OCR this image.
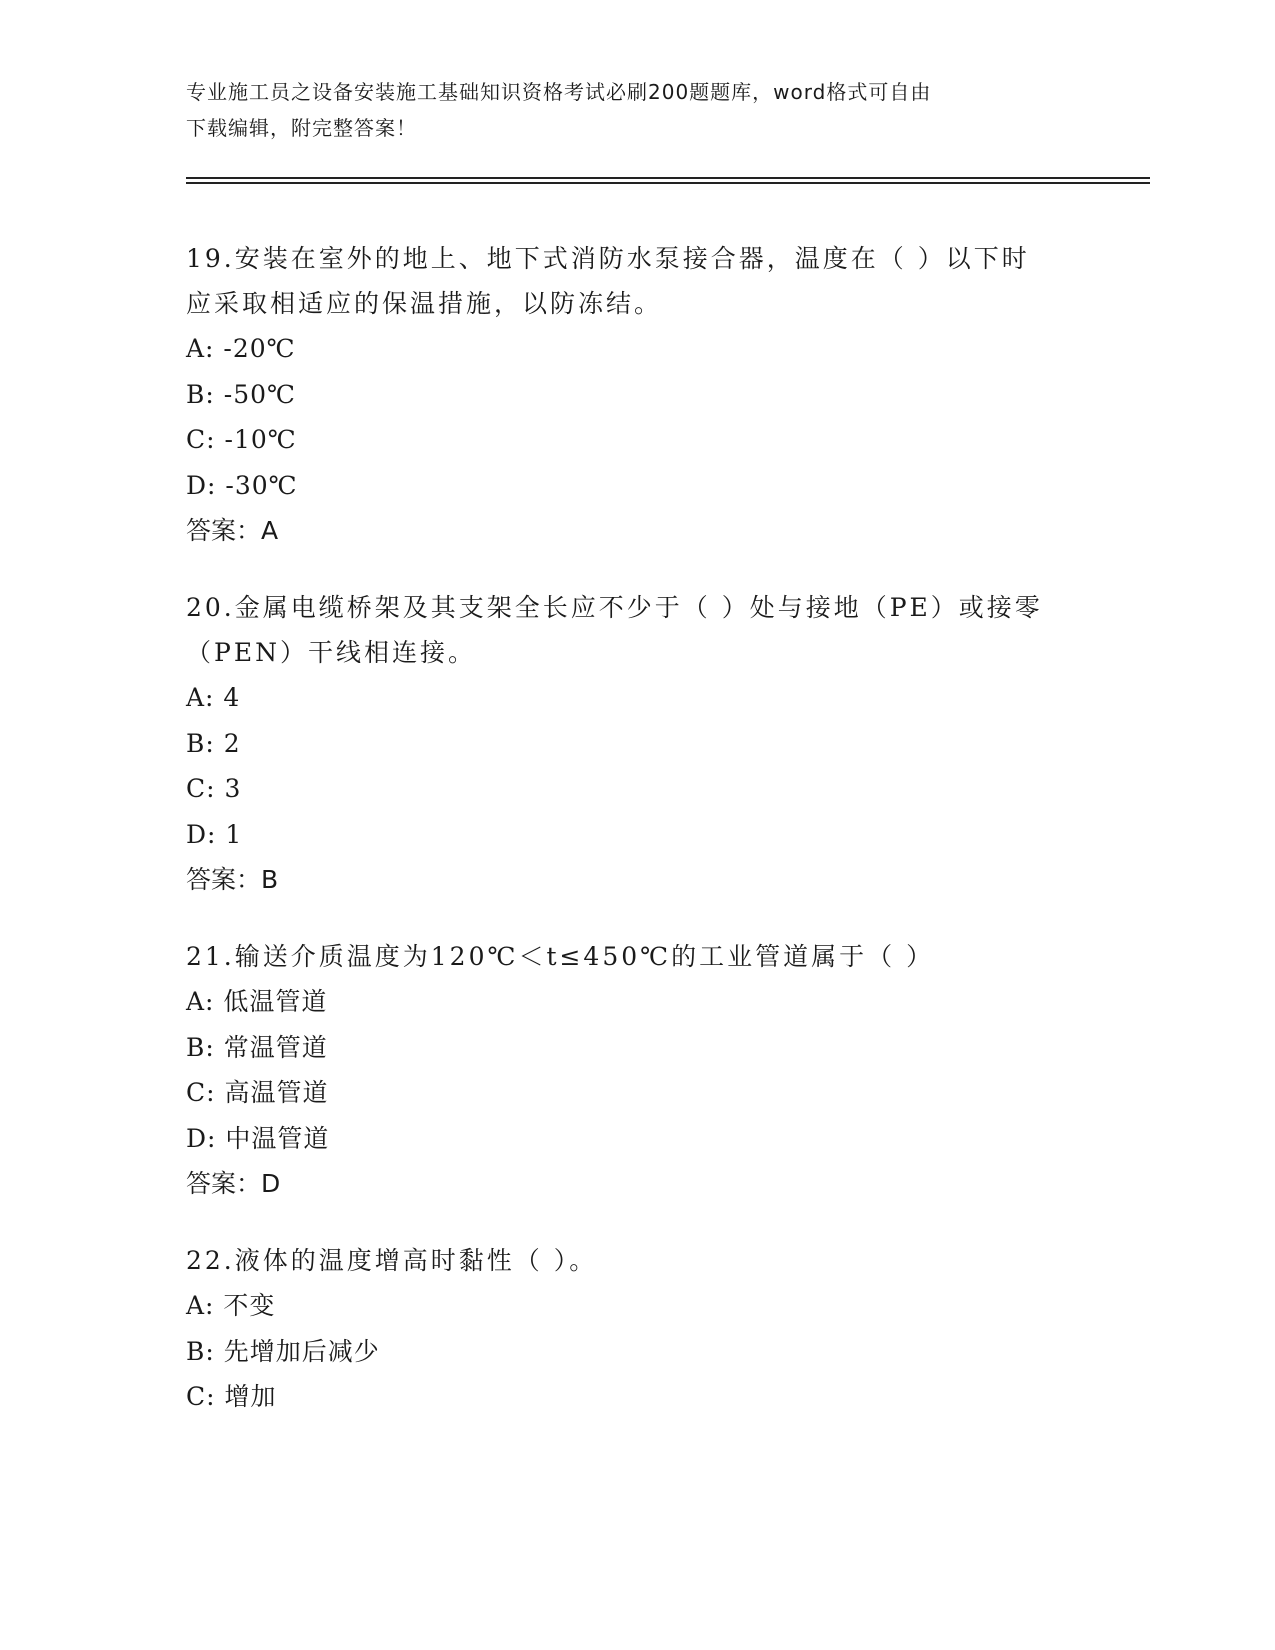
专业施工员之设备安装施工基础知识资格考试必刷200题题库，word格式可自由
下载编辑，附完整答案！

19.安装在室外的地上、地下式消防水泵接合器，温度在（ ）以下时

应采取相适应的保温措施，以防冻结。

A: -20℃

B: -50℃

C: -10℃

D: -30℃

答案：A

20.金属电缆桥架及其支架全长应不少于（ ）处与接地（PE）或接零

（PEN）干线相连接。

A: 4

B: 2

C: 3

D: 1

答案：B

21.输送介质温度为120℃＜t≤450℃的工业管道属于（ ）

A: 低温管道

B: 常温管道

C: 高温管道

D: 中温管道

答案：D

22.液体的温度增高时黏性（ ）。

A: 不变

B: 先增加后减少

C: 增加
